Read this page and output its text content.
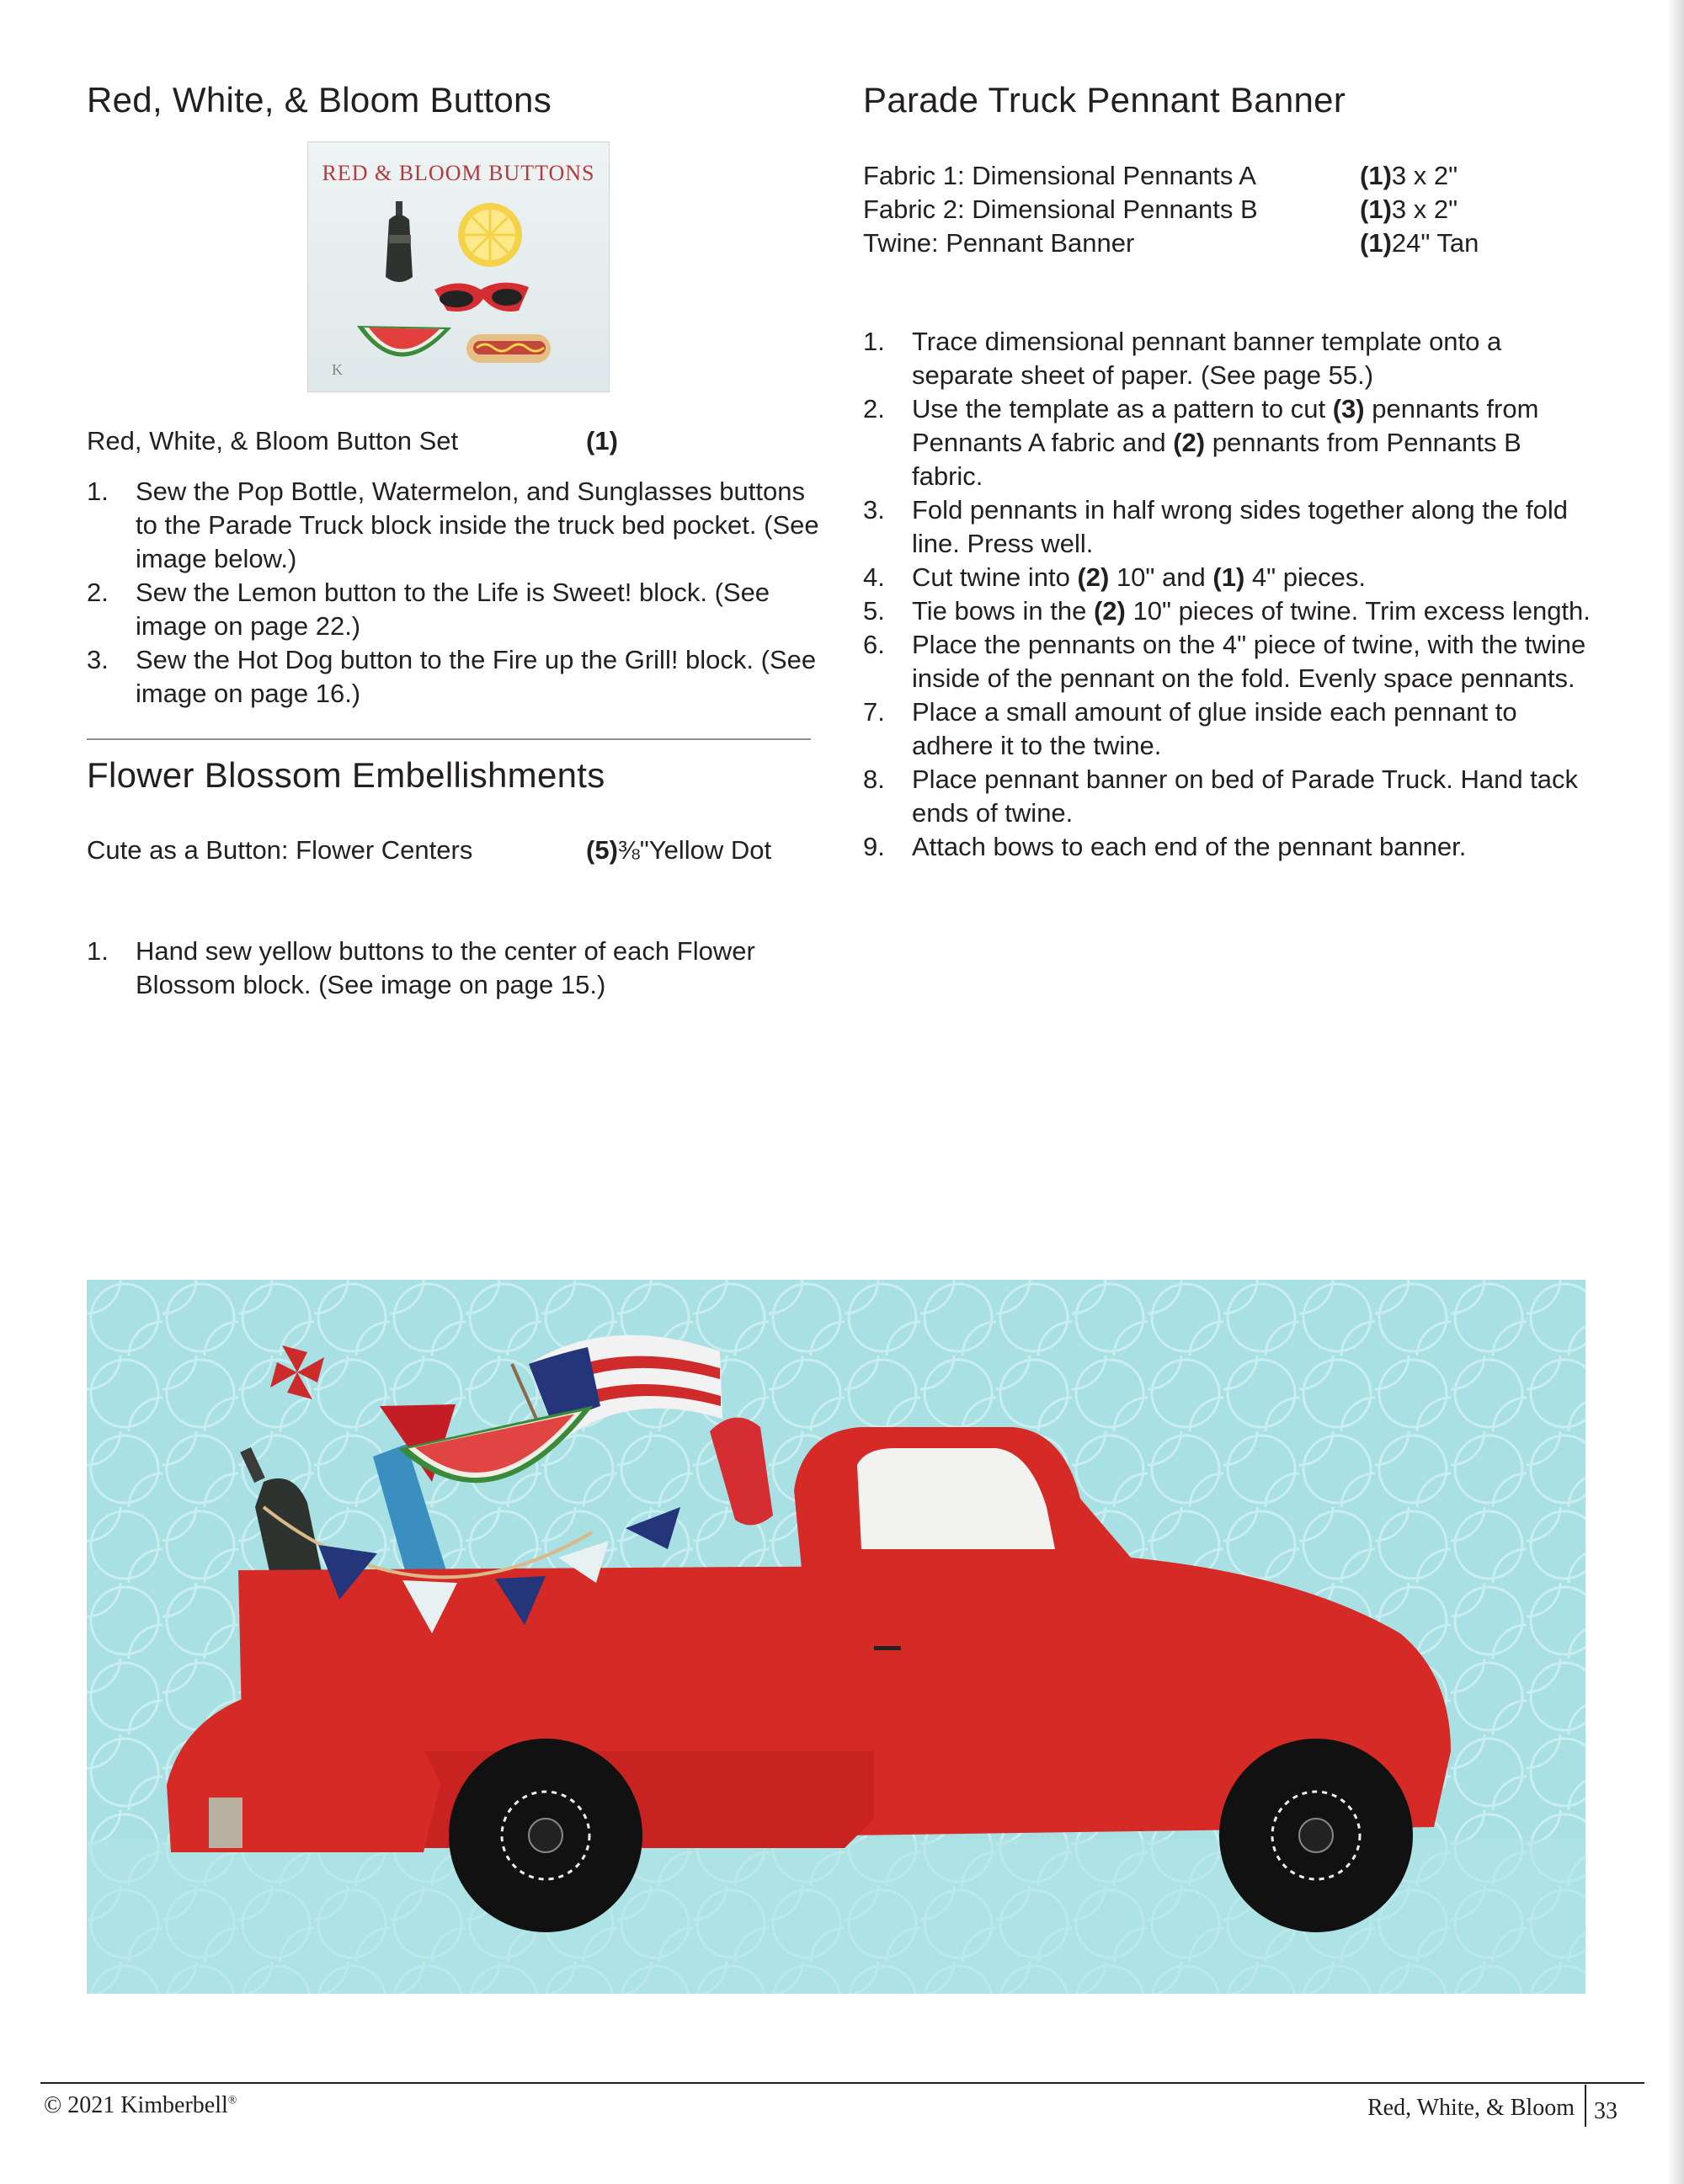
Red, White, & Bloom Buttons
RED & BLOOM BUTTONS
K
Red, White, & Bloom Button Set	(1)
1.	Sew the Pop Bottle, Watermelon, and Sunglasses buttons to the Parade Truck block inside the truck bed pocket. (See image below.)
2.	Sew the Lemon button to the Life is Sweet! block. (See image on page 22.)
3.	Sew the Hot Dog button to the Fire up the Grill! block. (See image on page 16.)
Flower Blossom Embellishments
Cute as a Button: Flower Centers	(5) ⅜"Yellow Dot
1.	Hand sew yellow buttons to the center of each Flower Blossom block. (See image on page 15.)
Parade Truck Pennant Banner
Fabric 1: Dimensional Pennants A	(1) 3 x 2"
Fabric 2: Dimensional Pennants B	(1) 3 x 2"
Twine: Pennant Banner	(1) 24" Tan
1.	Trace dimensional pennant banner template onto a separate sheet of paper. (See page 55.)
2.	Use the template as a pattern to cut (3) pennants from Pennants A fabric and (2) pennants from Pennants B fabric.
3.	Fold pennants in half wrong sides together along the fold line. Press well.
4.	Cut twine into (2) 10" and (1) 4" pieces.
5.	Tie bows in the (2) 10" pieces of twine. Trim excess length.
6.	Place the pennants on the 4" piece of twine, with the twine inside of the pennant on the fold. Evenly space pennants.
7.	Place a small amount of glue inside each pennant to adhere it to the twine.
8.	Place pennant banner on bed of Parade Truck. Hand tack ends of twine.
9.	Attach bows to each end of the pennant banner.
© 2021 Kimberbell®	Red, White, & Bloom 33
